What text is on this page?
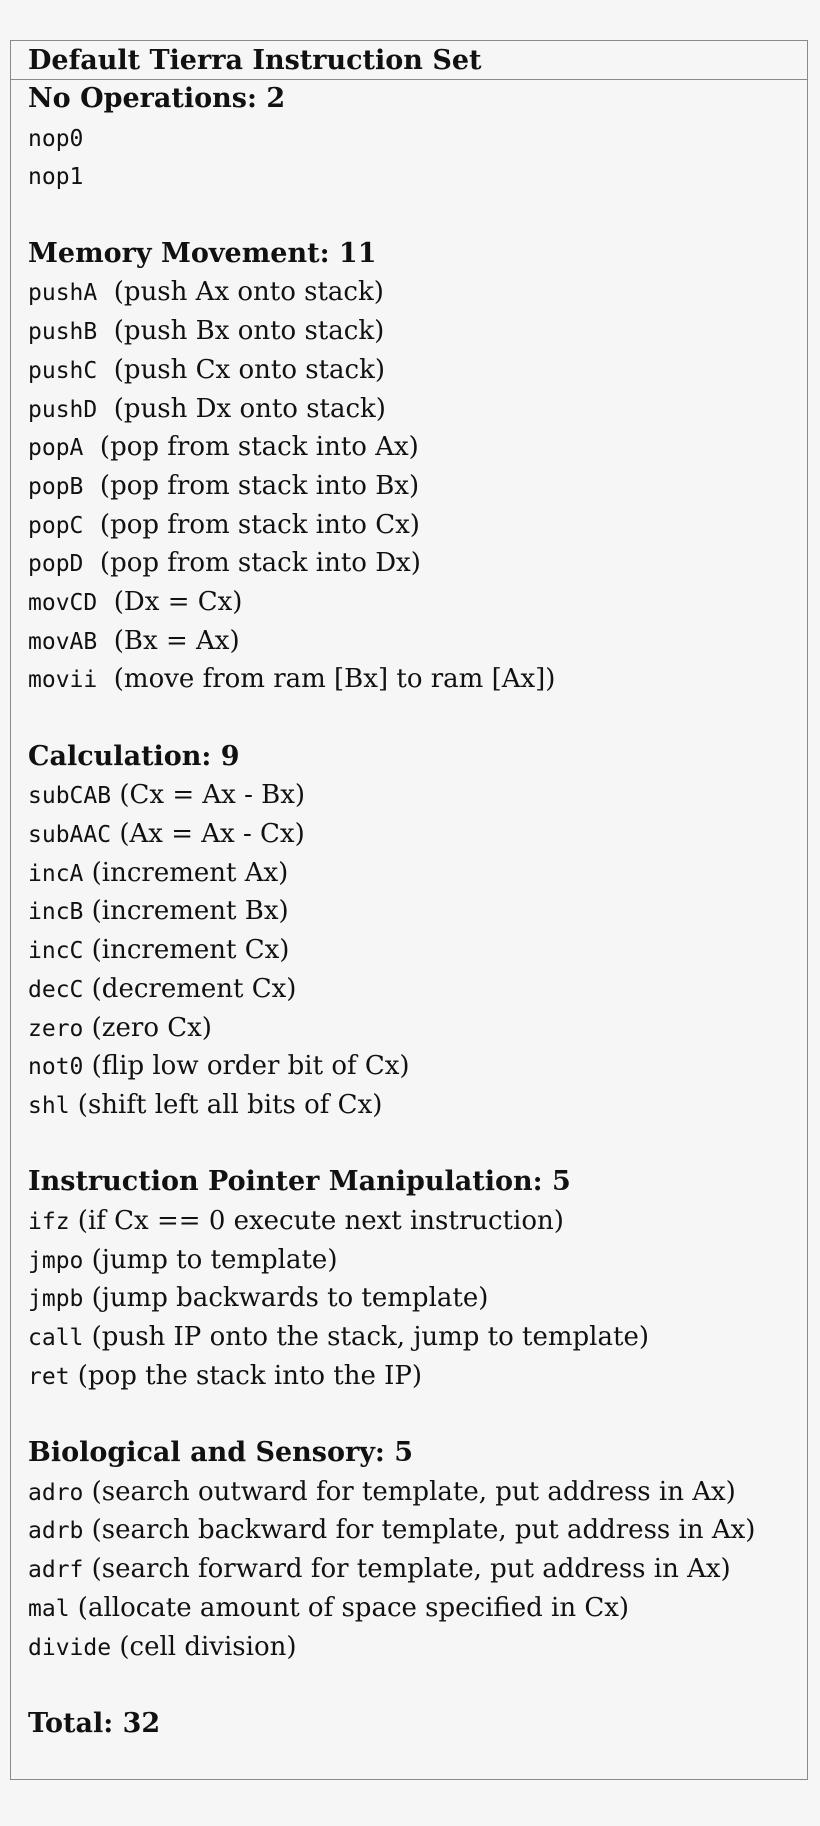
Default Tierra Instruction Set
No Operations: 2
nop0
nop1
Memory Movement: 11
pushA  (push Ax onto stack)
pushB  (push Bx onto stack)
pushC  (push Cx onto stack)
pushD  (push Dx onto stack)
popA  (pop from stack into Ax)
popB  (pop from stack into Bx)
popC  (pop from stack into Cx)
popD  (pop from stack into Dx)
movCD  (Dx = Cx)
movAB  (Bx = Ax)
movii  (move from ram [Bx] to ram [Ax])
Calculation: 9
subCAB (Cx = Ax - Bx)
subAAC (Ax = Ax - Cx)
incA (increment Ax)
incB (increment Bx)
incC (increment Cx)
decC (decrement Cx)
zero (zero Cx)
not0 (flip low order bit of Cx)
shl (shift left all bits of Cx)
Instruction Pointer Manipulation: 5
ifz (if Cx == 0 execute next instruction)
jmpo (jump to template)
jmpb (jump backwards to template)
call (push IP onto the stack, jump to template)
ret (pop the stack into the IP)
Biological and Sensory: 5
adro (search outward for template, put address in Ax)
adrb (search backward for template, put address in Ax)
adrf (search forward for template, put address in Ax)
mal (allocate amount of space specified in Cx)
divide (cell division)
Total: 32
